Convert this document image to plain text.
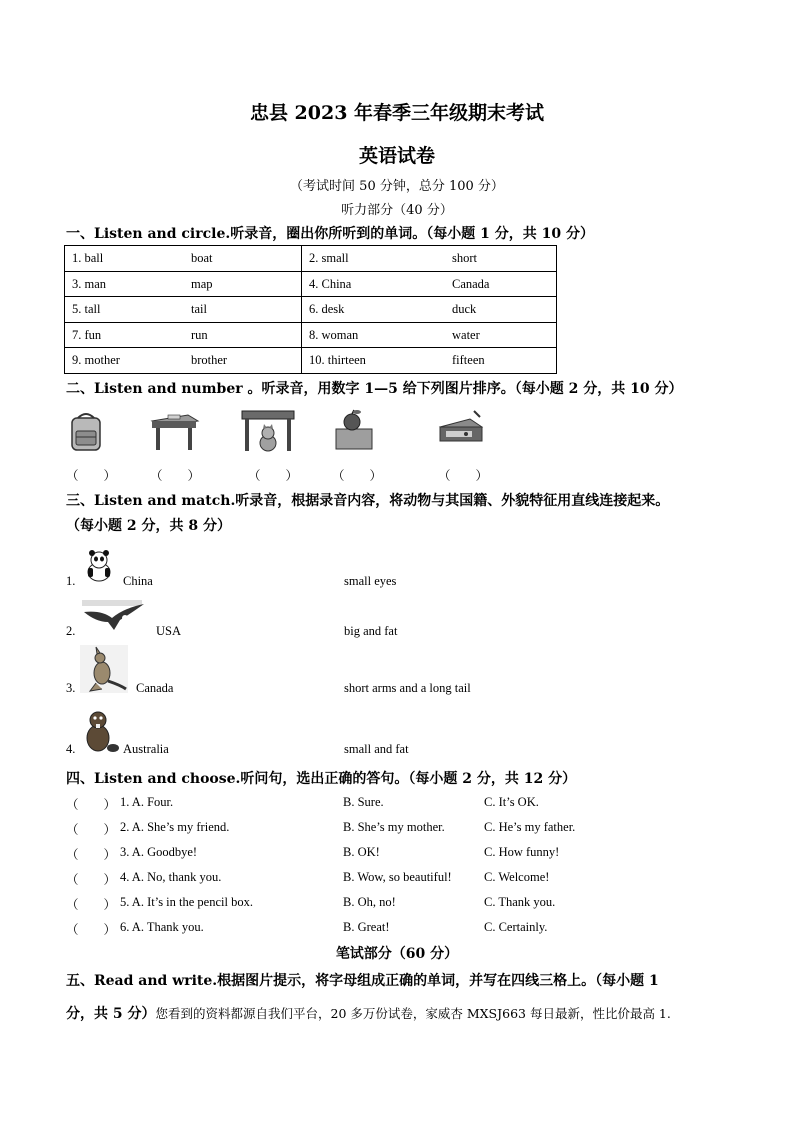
忠县 2023 年春季三年级期末考试
英语试卷
（考试时间 50 分钟，总分 100 分）
听力部分（40 分）
一、Listen and circle.听录音，圈出你所听到的单词。（每小题 1 分，共 10 分）
1. ball boat	2. small short

3. man map	4. China Canada

5. tall tail	6. desk duck

7. fun run	8. woman water

9. mother brother	10. thirteen fifteen
二、Listen and number 。听录音，用数字 1—5 给下列图片排序。（每小题 2 分，共 10 分）
（　　）	（　　）	（　　）	（　　）	（　　）
三、Listen and match.听录音，根据录音内容，将动物与其国籍、外貌特征用直线连接起来。
（每小题 2 分，共 8 分）
1.	China	small eyes
2.	USA	big and fat
3.	Canada	short arms and a long tail
4.	Australia	small and fat
四、Listen and choose.听问句，选出正确的答句。（每小题 2 分，共 12 分）
（　　） 1. A. Four.	B. Sure.	C. It’s OK.
（　　） 2. A. She’s my friend.	B. She’s my mother.	C. He’s my father.
（　　） 3. A. Goodbye!	B. OK!	C. How funny!
（　　） 4. A. No, thank you.	B. Wow, so beautiful!	C. Welcome!
（　　） 5. A. It’s in the pencil box.	B. Oh, no!	C. Thank you.
（　　） 6. A. Thank you.	B. Great!	C. Certainly.
笔试部分（60 分）
五、Read and write.根据图片提示，将字母组成正确的单词，并写在四线三格上。（每小题 1
分，共 5 分）您看到的资料都源自我们平台，20 多万份试卷，家威杏 MXSJ663 每日最新，性比价最高 1.
